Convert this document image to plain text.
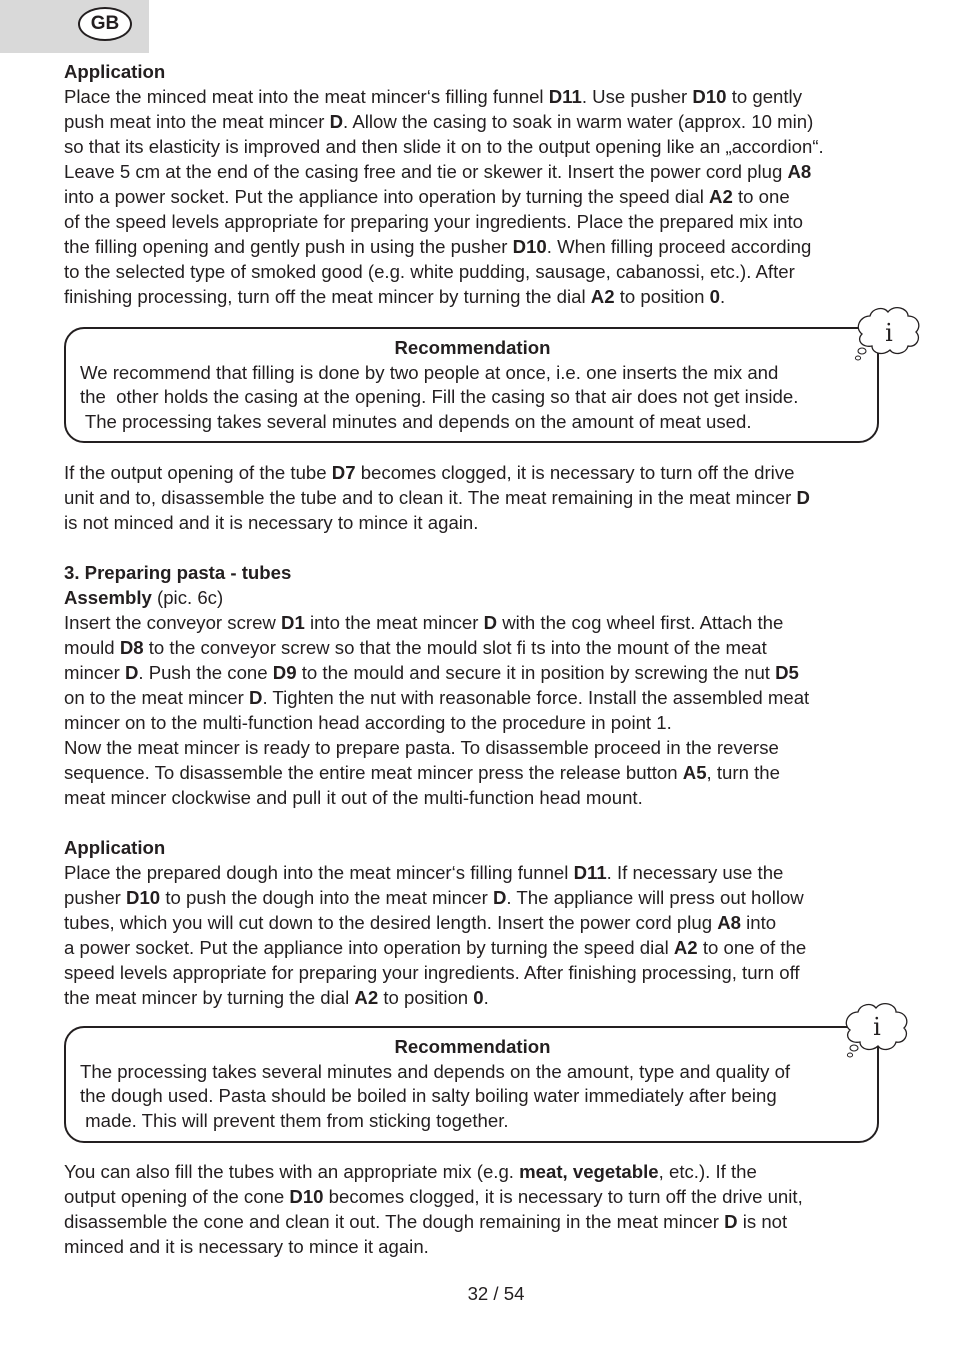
GB
Application
Place the minced meat into the meat mincer‘s filling funnel D11. Use pusher D10 to gently
push meat into the meat mincer D. Allow the casing to soak in warm water (approx. 10 min)
so that its elasticity is improved and then slide it on to the output opening like an „accordion“.
Leave 5 cm at the end of the casing free and tie or skewer it. Insert the power cord plug A8
into a power socket. Put the appliance into operation by turning the speed dial A2 to one
of the speed levels appropriate for preparing your ingredients. Place the prepared mix into
the filling opening and gently push in using the pusher D10. When filling proceed according
to the selected type of smoked good (e.g. white pudding, sausage, cabanossi, etc.). After
finishing processing, turn off the meat mincer by turning the dial A2 to position 0.
Recommendation
We recommend that filling is done by two people at once, i.e. one inserts the mix and
the  other holds the casing at the opening. Fill the casing so that air does not get inside.
The processing takes several minutes and depends on the amount of meat used.
i
If the output opening of the tube D7 becomes clogged, it is necessary to turn off the drive
unit and to, disassemble the tube and to clean it. The meat remaining in the meat mincer D
is not minced and it is necessary to mince it again.
3. Preparing pasta - tubes
Assembly (pic. 6c)
Insert the conveyor screw D1 into the meat mincer D with the cog wheel first. Attach the
mould D8 to the conveyor screw so that the mould slot fi ts into the mount of the meat
mincer D. Push the cone D9 to the mould and secure it in position by screwing the nut D5
on to the meat mincer D. Tighten the nut with reasonable force. Install the assembled meat
mincer on to the multi-function head according to the procedure in point 1.
Now the meat mincer is ready to prepare pasta. To disassemble proceed in the reverse
sequence. To disassemble the entire meat mincer press the release button A5, turn the
meat mincer clockwise and pull it out of the multi-function head mount.
Application
Place the prepared dough into the meat mincer‘s filling funnel D11. If necessary use the
pusher D10 to push the dough into the meat mincer D. The appliance will press out hollow
tubes, which you will cut down to the desired length. Insert the power cord plug A8 into
a power socket. Put the appliance into operation by turning the speed dial A2 to one of the
speed levels appropriate for preparing your ingredients. After finishing processing, turn off
the meat mincer by turning the dial A2 to position 0.
Recommendation
The processing takes several minutes and depends on the amount, type and quality of
the dough used. Pasta should be boiled in salty boiling water immediately after being
made. This will prevent them from sticking together.
i
You can also fill the tubes with an appropriate mix (e.g. meat, vegetable, etc.). If the
output opening of the cone D10 becomes clogged, it is necessary to turn off the drive unit,
disassemble the cone and clean it out. The dough remaining in the meat mincer D is not
minced and it is necessary to mince it again.
32 / 54
